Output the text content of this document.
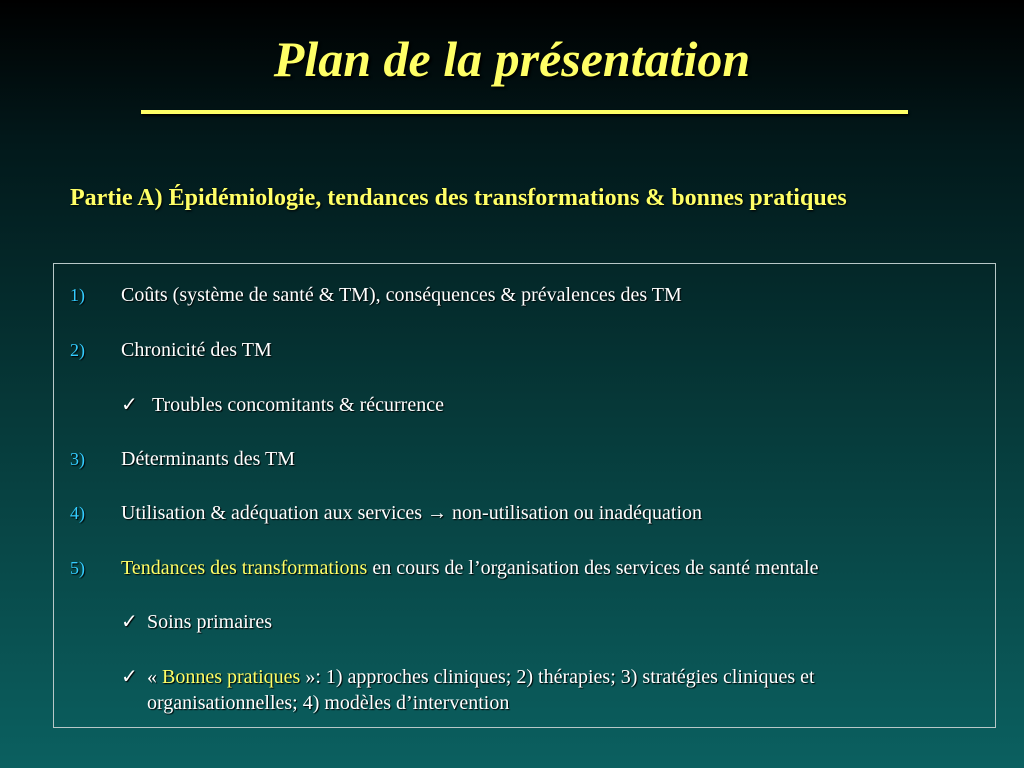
Plan de la présentation

Partie A) Épidémiologie, tendances des transformations & bonnes pratiques

1) Coûts (système de santé & TM), conséquences & prévalences des TM
2) Chronicité des TM
✓ Troubles concomitants & récurrence
3) Déterminants des TM
4) Utilisation & adéquation aux services → non-utilisation ou inadéquation
5) Tendances des transformations en cours de l’organisation des services de santé mentale
✓ Soins primaires
✓ « Bonnes pratiques »: 1) approches cliniques; 2) thérapies; 3) stratégies cliniques et
organisationnelles; 4) modèles d’intervention
